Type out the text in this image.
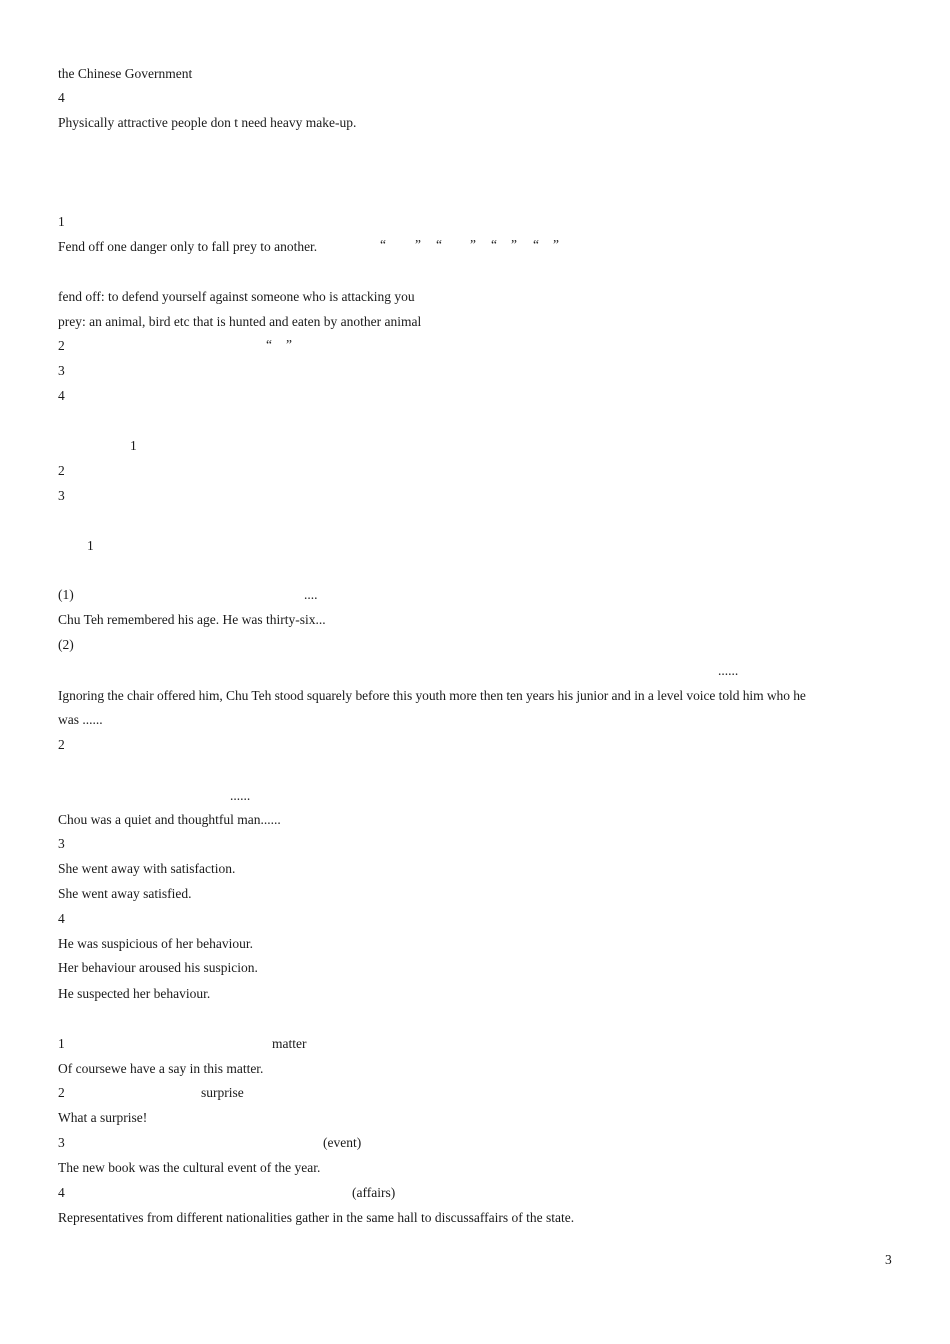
the Chinese Government
4
Physically attractive people don t need heavy make-up.
1
Fend off one danger only to fall prey to another.	“ ” “ ” “ ” “ ”
fend off: to defend yourself against someone who is attacking you
prey: an animal, bird etc that is hunted and eaten by another animal
2	“ ”
3
4
1
2
3
1
(1)	....
Chu Teh remembered his age. He was thirty-six...
(2)
......
Ignoring the chair offered him, Chu Teh stood squarely before this youth more then ten years his junior and in a level voice told him who he
was ......
2
......
Chou was a quiet and thoughtful man......
3
She went away with satisfaction.
She went away satisfied.
4
He was suspicious of her behaviour.
Her behaviour aroused his suspicion.
He suspected her behaviour.
1	matter
Of coursewe have a say in this matter.
2	surprise
What a surprise!
3	(event)
The new book was the cultural event of the year.
4	(affairs)
Representatives from different nationalities gather in the same hall to discussaffairs of the state.
3
